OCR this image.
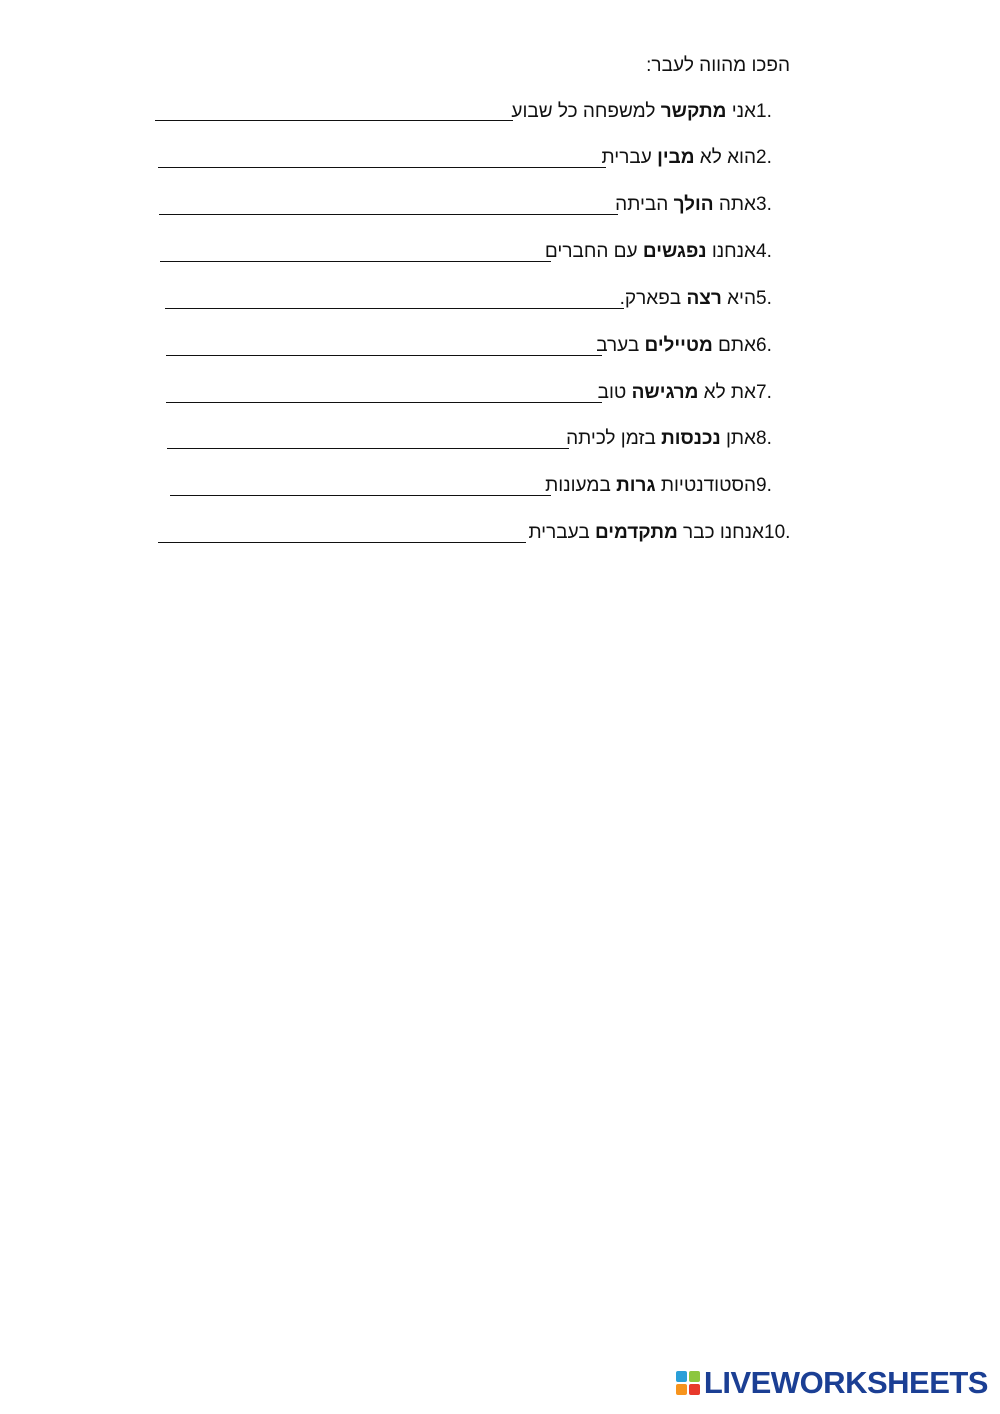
הפכו מהווה לעבר:
1.אני מתקשר למשפחה כל שבוע
2.הוא לא מבין עברית
3.אתה הולך הביתה
4.אנחנו נפגשים עם החברים
5.היא רצה בפארק.
6.אתם מטיילים בערב
7.את לא מרגישה טוב
8.אתן נכנסות בזמן לכיתה
9.הסטודנטיות גרות במעונות
10.אנחנו כבר מתקדמים בעברית
LIVEWORKSHEETS
